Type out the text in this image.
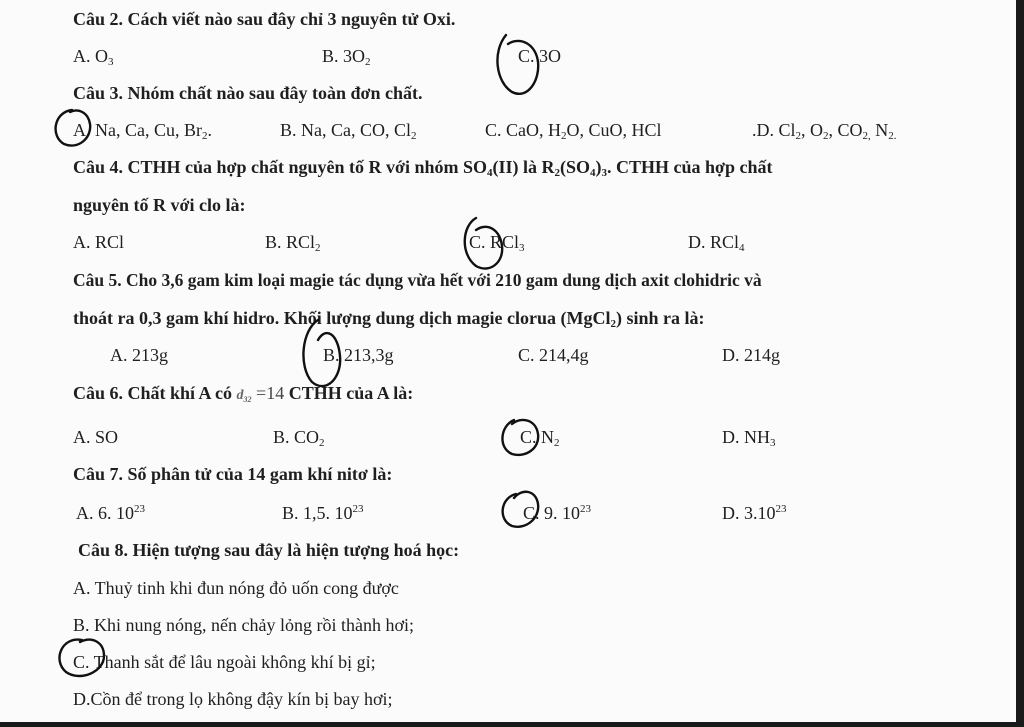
Câu 2. Cách viết nào sau đây chỉ 3 nguyên tử Oxi.
A. $O_3$	B. $3O_2$	C. 3O
Câu 3. Nhóm chất nào sau đây toàn đơn chất.
A. Na, Ca, Cu, $Br_2$.	B. Na, Ca, CO, $Cl_2$	C. CaO, $H_2O$, CuO, HCl	.D. $Cl_2$, $O_2$, $CO_{2,}$ $N_{2.}$
Câu 4. CTHH của hợp chất nguyên tố R với nhóm $SO_4(II)$ là $R_2(SO_4)_3$. CTHH của hợp chất
nguyên tố R với clo là:
A. RCl	B. RCl$_2$	C. RCl$_3$	D. RCl$_4$
Câu 5. Cho 3,6 gam kim loại magie tác dụng vừa hết với 210 gam dung dịch axit clohidric và
thoát ra 0,3 gam khí hidro. Khối lượng dung dịch magie clorua (MgCl$_2$) sinh ra là:
A. 213g	B. 213,3g	C. 214,4g	D. 214g
Câu 6. Chất khí A có $d_{32} =14$ CTHH của A là:
A. SO	B. $CO_2$	C. $N_2$	D. $NH_3$
Câu 7. Số phân tử của 14 gam khí nitơ là:
A. 6. $10^{23}$	B. 1,5. $10^{23}$	C. 9. $10^{23}$	D. 3.10$^{23}$
Câu 8. Hiện tượng sau đây là hiện tượng hoá học:
A. Thuỷ tinh khi đun nóng đỏ uốn cong được
B. Khi nung nóng, nến chảy lỏng rồi thành hơi;
C. Thanh sắt để lâu ngoài không khí bị gỉ;
D.Cồn để trong lọ không đậy kín bị bay hơi;
